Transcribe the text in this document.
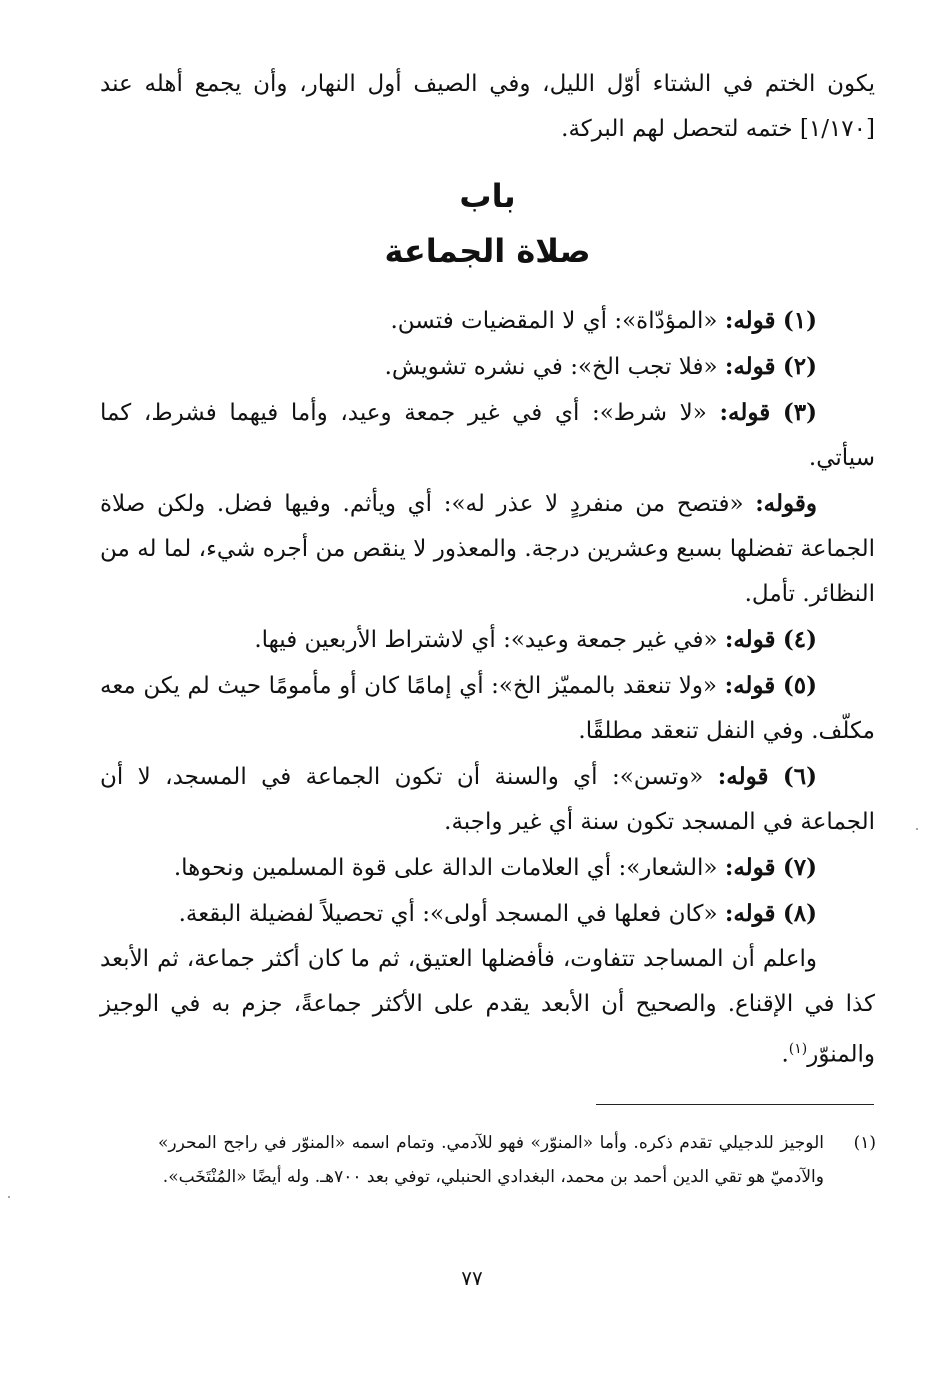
يكون الختم في الشتاء أوّل الليل، وفي الصيف أول النهار، وأن يجمع أهله عند [١/١٧٠] ختمه لتحصل لهم البركة.

باب
صلاة الجماعة

(١) قوله: «المؤدّاة»: أي لا المقضيات فتسن.

(٢) قوله: «فلا تجب الخ»: في نشره تشويش.

(٣) قوله: «لا شرط»: أي في غير جمعة وعيد، وأما فيهما فشرط، كما سيأتي.

وقوله: «فتصح من منفردٍ لا عذر له»: أي ويأثم. وفيها فضل. ولكن صلاة الجماعة تفضلها بسبع وعشرين درجة. والمعذور لا ينقص من أجره شيء، لما له من النظائر. تأمل.

(٤) قوله: «في غير جمعة وعيد»: أي لاشتراط الأربعين فيها.

(٥) قوله: «ولا تنعقد بالمميّز الخ»: أي إمامًا كان أو مأمومًا حيث لم يكن معه مكلّف. وفي النفل تنعقد مطلقًا.

(٦) قوله: «وتسن»: أي والسنة أن تكون الجماعة في المسجد، لا أن الجماعة في المسجد تكون سنة أي غير واجبة.

(٧) قوله: «الشعار»: أي العلامات الدالة على قوة المسلمين ونحوها.

(٨) قوله: «كان فعلها في المسجد أولى»: أي تحصيلاً لفضيلة البقعة.

واعلم أن المساجد تتفاوت، فأفضلها العتيق، ثم ما كان أكثر جماعة، ثم الأبعد كذا في الإقناع. والصحيح أن الأبعد يقدم على الأكثر جماعةً، جزم به في الوجيز والمنوّر$^{(١)}$.

(١)

الوجيز للدجيلي تقدم ذكره. وأما «المنوّر» فهو للآدمي. وتمام اسمه «المنوّر في راجح المحرر» والآدميّ هو تقي الدين أحمد بن محمد، البغدادي الحنبلي، توفي بعد ٧٠٠هـ. وله أيضًا «المُنْتَخَب».

٧٧
